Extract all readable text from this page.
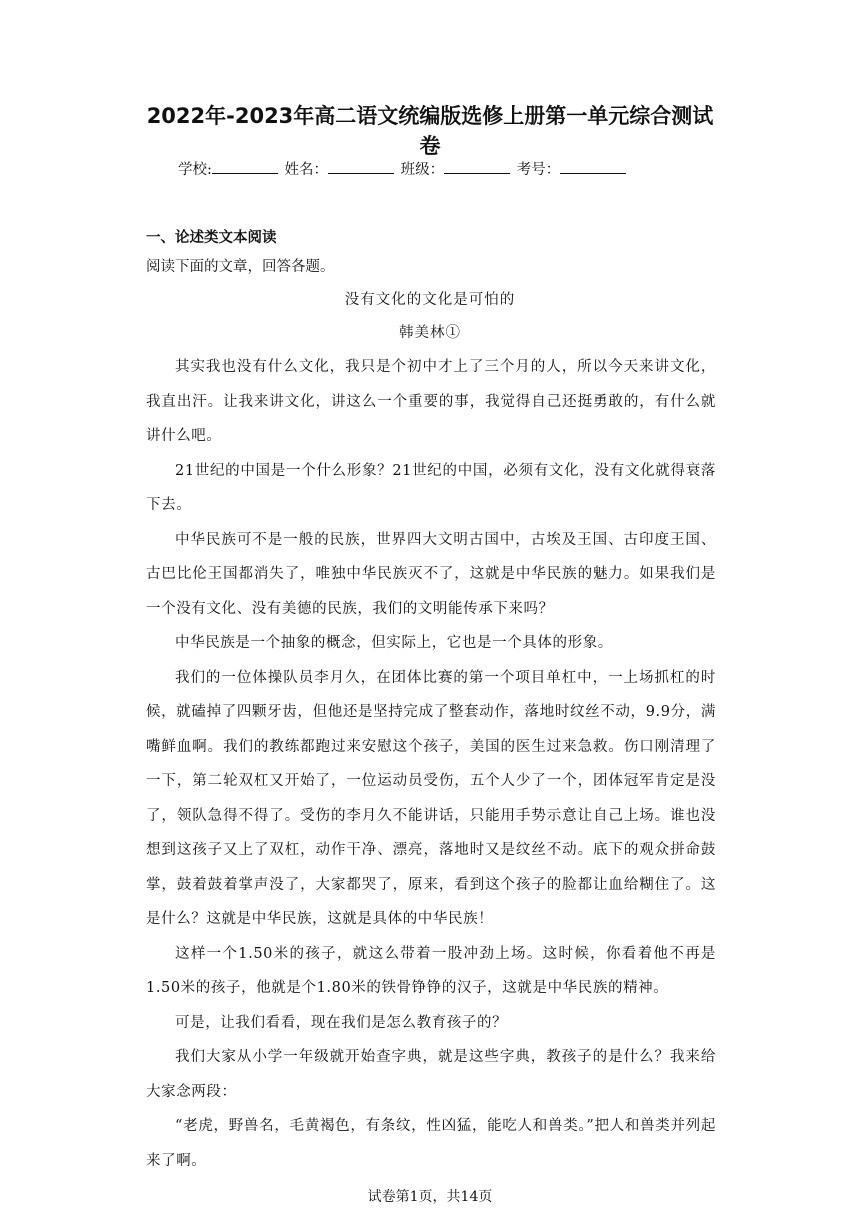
2022年-2023年高二语文统编版选修上册第一单元综合测试
卷
学校:	姓名：	班级：	考号：
一、论述类文本阅读
阅读下面的文章，回答各题。
没有文化的文化是可怕的
韩美林①

其实我也没有什么文化，我只是个初中才上了三个月的人，所以今天来讲文化，我直出汗。让我来讲文化，讲这么一个重要的事，我觉得自己还挺勇敢的，有什么就讲什么吧。

21世纪的中国是一个什么形象？21世纪的中国，必须有文化，没有文化就得衰落下去。

中华民族可不是一般的民族，世界四大文明古国中，古埃及王国、古印度王国、古巴比伦王国都消失了，唯独中华民族灭不了，这就是中华民族的魅力。如果我们是一个没有文化、没有美德的民族，我们的文明能传承下来吗？

中华民族是一个抽象的概念，但实际上，它也是一个具体的形象。

我们的一位体操队员李月久，在团体比赛的第一个项目单杠中，一上场抓杠的时候，就磕掉了四颗牙齿，但他还是坚持完成了整套动作，落地时纹丝不动，9.9分，满嘴鲜血啊。我们的教练都跑过来安慰这个孩子，美国的医生过来急救。伤口刚清理了一下，第二轮双杠又开始了，一位运动员受伤，五个人少了一个，团体冠军肯定是没了，领队急得不得了。受伤的李月久不能讲话，只能用手势示意让自己上场。谁也没想到这孩子又上了双杠，动作干净、漂亮，落地时又是纹丝不动。底下的观众拼命鼓掌，鼓着鼓着掌声没了，大家都哭了，原来，看到这个孩子的脸都让血给糊住了。这是什么？这就是中华民族，这就是具体的中华民族！

这样一个1.50米的孩子，就这么带着一股冲劲上场。这时候，你看着他不再是1.50米的孩子，他就是个1.80米的铁骨铮铮的汉子，这就是中华民族的精神。

可是，让我们看看，现在我们是怎么教育孩子的？

我们大家从小学一年级就开始查字典，就是这些字典，教孩子的是什么？我来给大家念两段：

“老虎，野兽名，毛黄褐色，有条纹，性凶猛，能吃人和兽类。”把人和兽类并列起来了啊。

试卷第1页，共14页
